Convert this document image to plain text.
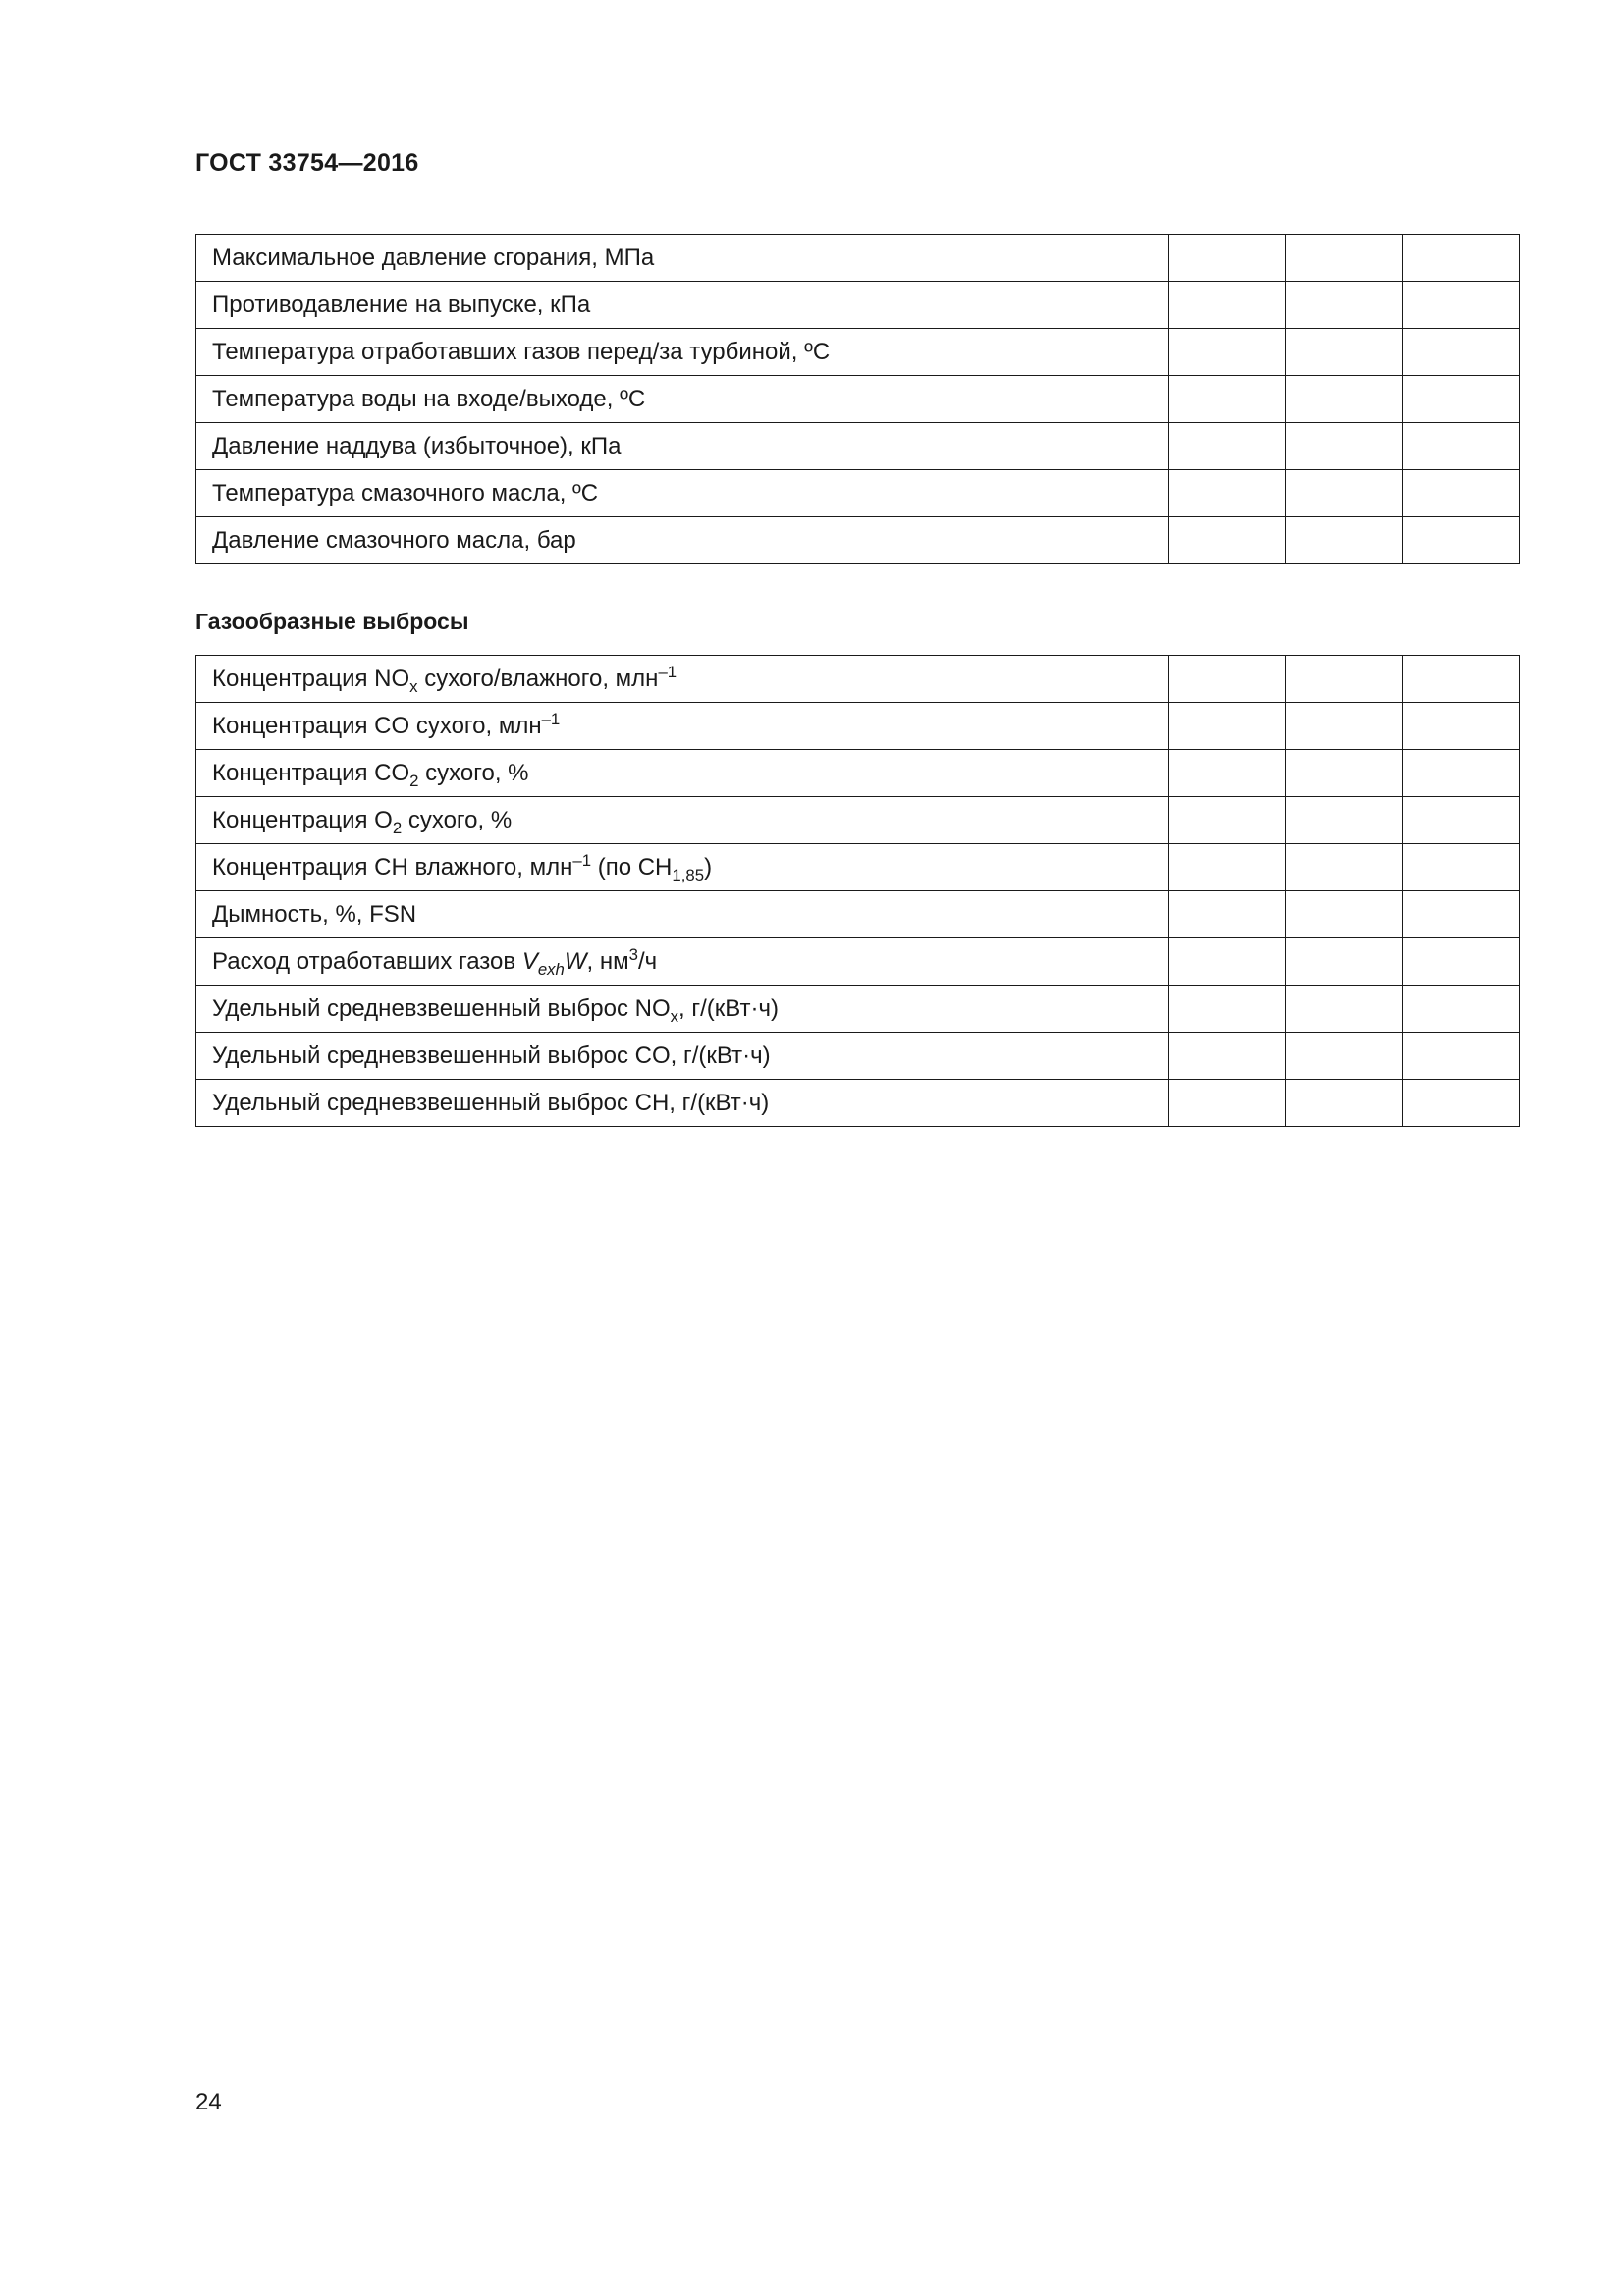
ГОСТ 33754—2016
Максимальное давление сгорания, МПа			
Противодавление на выпуске, кПа			
Температура отработавших газов перед/за турбиной, ºС			
Температура воды на входе/выходе, ºС			
Давление наддува (избыточное), кПа			
Температура смазочного масла, ºС			
Давление смазочного масла, бар			
Газообразные выбросы
Концентрация $NO_x$ сухого/влажного, млн$^{-1}$			
Концентрация CO сухого, млн$^{-1}$			
Концентрация $CO_2$ сухого, %			
Концентрация $O_2$ сухого, %			
Концентрация CH влажного, млн$^{-1}$ (по $CH_{1,85}$)			
Дымность, %, FSN			
Расход отработавших газов $V_{exh}W$, $нм^3/ч$			
Удельный средневзвешенный выброс $NO_x$, г/(кВт·ч)			
Удельный средневзвешенный выброс CO, г/(кВт·ч)			
Удельный средневзвешенный выброс CH, г/(кВт·ч)			
24
